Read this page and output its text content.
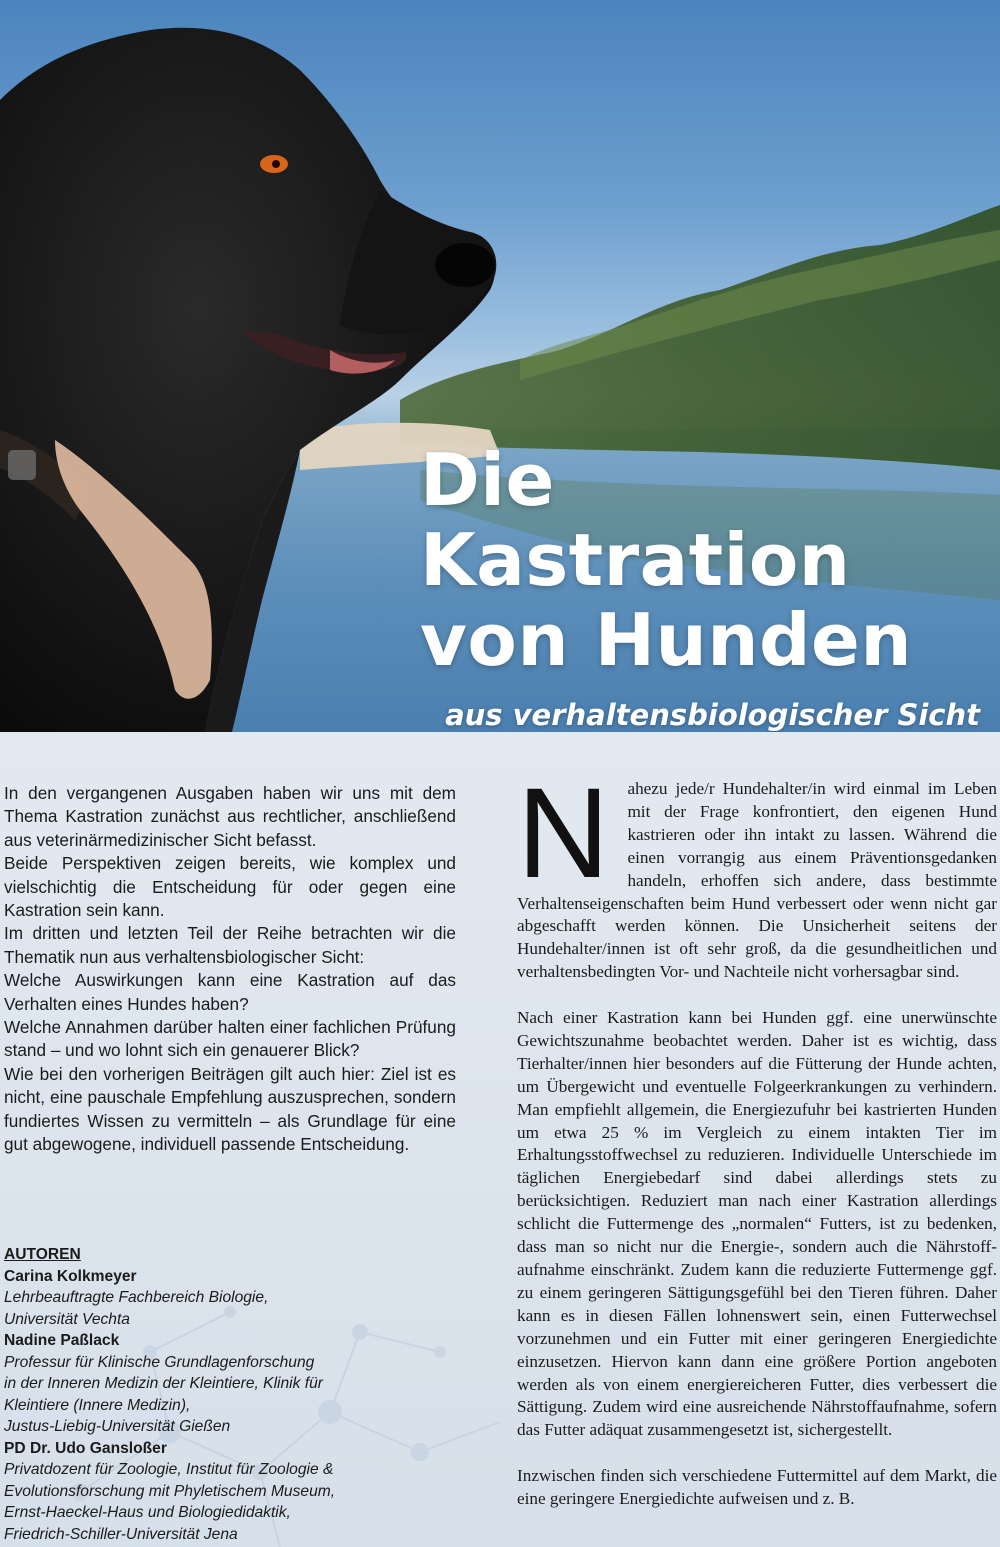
Die Kastration
von Hunden
aus verhaltensbiologischer Sicht

In den vergangenen Ausgaben haben wir uns mit dem Thema Kastration zunächst aus rechtlicher, anschließend aus veterinärmedizinischer Sicht befasst.

Beide Perspektiven zeigen bereits, wie komplex und vielschichtig die Entscheidung für oder gegen eine Kastration sein kann.

Im dritten und letzten Teil der Reihe betrachten wir die Thematik nun aus verhaltensbiologischer Sicht:

Welche Auswirkungen kann eine Kastration auf das Verhalten eines Hundes haben?

Welche Annahmen darüber halten einer fachlichen Prüfung stand – und wo lohnt sich ein genauerer Blick?

Wie bei den vorherigen Beiträgen gilt auch hier: Ziel ist es nicht, eine pauschale Empfehlung auszusprechen, sondern fundiertes Wissen zu vermitteln – als Grundlage für eine gut abgewogene, individuell passende Entscheidung.

AUTOREN
Carina Kolkmeyer
Lehrbeauftragte Fachbereich Biologie,
Universität Vechta
Nadine Paßlack
Professur für Klinische Grundlagenforschung
in der Inneren Medizin der Kleintiere, Klinik für
Kleintiere (Innere Medizin),
Justus-Liebig-Universität Gießen
PD Dr. Udo Gansloßer
Privatdozent für Zoologie, Institut für Zoologie &
Evolutionsforschung mit Phyletischem Museum,
Ernst-Haeckel-Haus und Biologiedidaktik,
Friedrich-Schiller-Universität Jena

N ahezu jede/r Hundehalter/in wird einmal im Leben mit der Frage konfrontiert, den eigenen Hund kastrieren oder ihn intakt zu lassen. Während die einen vorrangig aus einem Präventionsgedanken handeln, erhoffen sich andere, dass bestimmte Verhaltenseigenschaften beim Hund verbessert oder wenn nicht gar abgeschafft werden können. Die Unsicherheit seitens der Hundehalter/innen ist oft sehr groß, da die gesundheitlichen und verhaltensbedingten Vor- und Nachteile nicht vorhersagbar sind.

Nach einer Kastration kann bei Hunden ggf. eine unerwünschte Gewichtszunahme beobachtet werden. Daher ist es wichtig, dass Tierhalter/innen hier besonders auf die Fütterung der Hunde achten, um Übergewicht und eventuelle Folgeerkrankungen zu verhindern. Man empfiehlt allgemein, die Energiezufuhr bei kastrierten Hunden um etwa 25 % im Vergleich zu einem intakten Tier im Erhaltungsstoffwechsel zu reduzieren. Individuelle Unterschiede im täglichen Energiebedarf sind dabei allerdings stets zu berücksichtigen. Reduziert man nach einer Kastration allerdings schlicht die Futtermenge des „normalen“ Futters, ist zu bedenken, dass man so nicht nur die Energie-, sondern auch die Nährstoffaufnahme einschränkt. Zudem kann die reduzierte Futtermenge ggf. zu einem geringeren Sättigungsgefühl bei den Tieren führen. Daher kann es in diesen Fällen lohnenswert sein, einen Futterwechsel vorzunehmen und ein Futter mit einer geringeren Energiedichte einzusetzen. Hiervon kann dann eine größere Portion angeboten werden als von einem energiereicheren Futter, dies verbessert die Sättigung. Zudem wird eine ausreichende Nährstoffaufnahme, sofern das Futter adäquat zusammengesetzt ist, sichergestellt.

Inzwischen finden sich verschiedene Futtermittel auf dem Markt, die eine geringere Energiedichte aufweisen und z. B.
